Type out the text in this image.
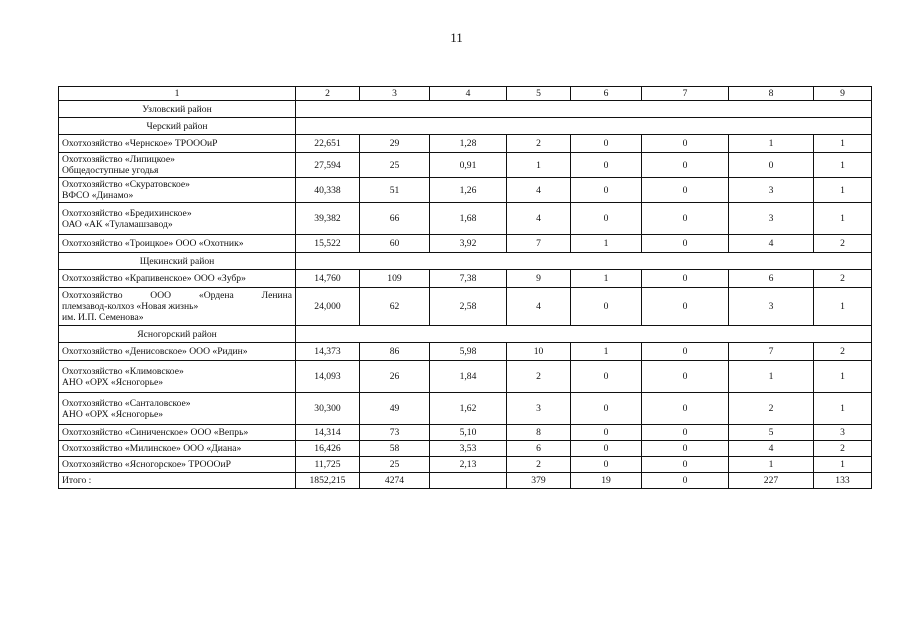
11
1	2	3	4	5	6	7	8	9
Узловский район								
Черский район								

Охотхозяйство «Чернское» ТРОООиР	22,651	29	1,28	2	0	0	1	1

Охотхозяйство «Липицкое»
Общедоступные угодья	27,594	25	0,91	1	0	0	0	1

Охотхозяйство «Скуратовское»
ВФСО «Динамо»	40,338	51	1,26	4	0	0	3	1

Охотхозяйство «Бредихинское»
ОАО «АК «Туламашзавод»	39,382	66	1,68	4	0	0	3	1

Охотхозяйство «Троицкое» ООО «Охотник»	15,522	60	3,92	7	1	0	4	2
Щекинский район								

Охотхозяйство «Крапивенское» ООО «Зубр»	14,760	109	7,38	9	1	0	6	2

Охотхозяйство ООО «Ордена Ленина
племзавод-колхоз «Новая жизнь»
им. И.П. Семенова»	24,000	62	2,58	4	0	0	3	1
Ясногорский район								

Охотхозяйство «Денисовское» ООО «Ридин»	14,373	86	5,98	10	1	0	7	2

Охотхозяйство «Климовское»
АНО «ОРХ «Ясногорье»	14,093	26	1,84	2	0	0	1	1

Охотхозяйство «Санталовское»
АНО «ОРХ «Ясногорье»	30,300	49	1,62	3	0	0	2	1

Охотхозяйство «Синиченское» ООО «Вепрь»	14,314	73	5,10	8	0	0	5	3

Охотхозяйство «Милинское» ООО «Диана»	16,426	58	3,53	6	0	0	4	2

Охотхозяйство «Ясногорское» ТРОООиР	11,725	25	2,13	2	0	0	1	1

Итого :	1852,215	4274		379	19	0	227	133
